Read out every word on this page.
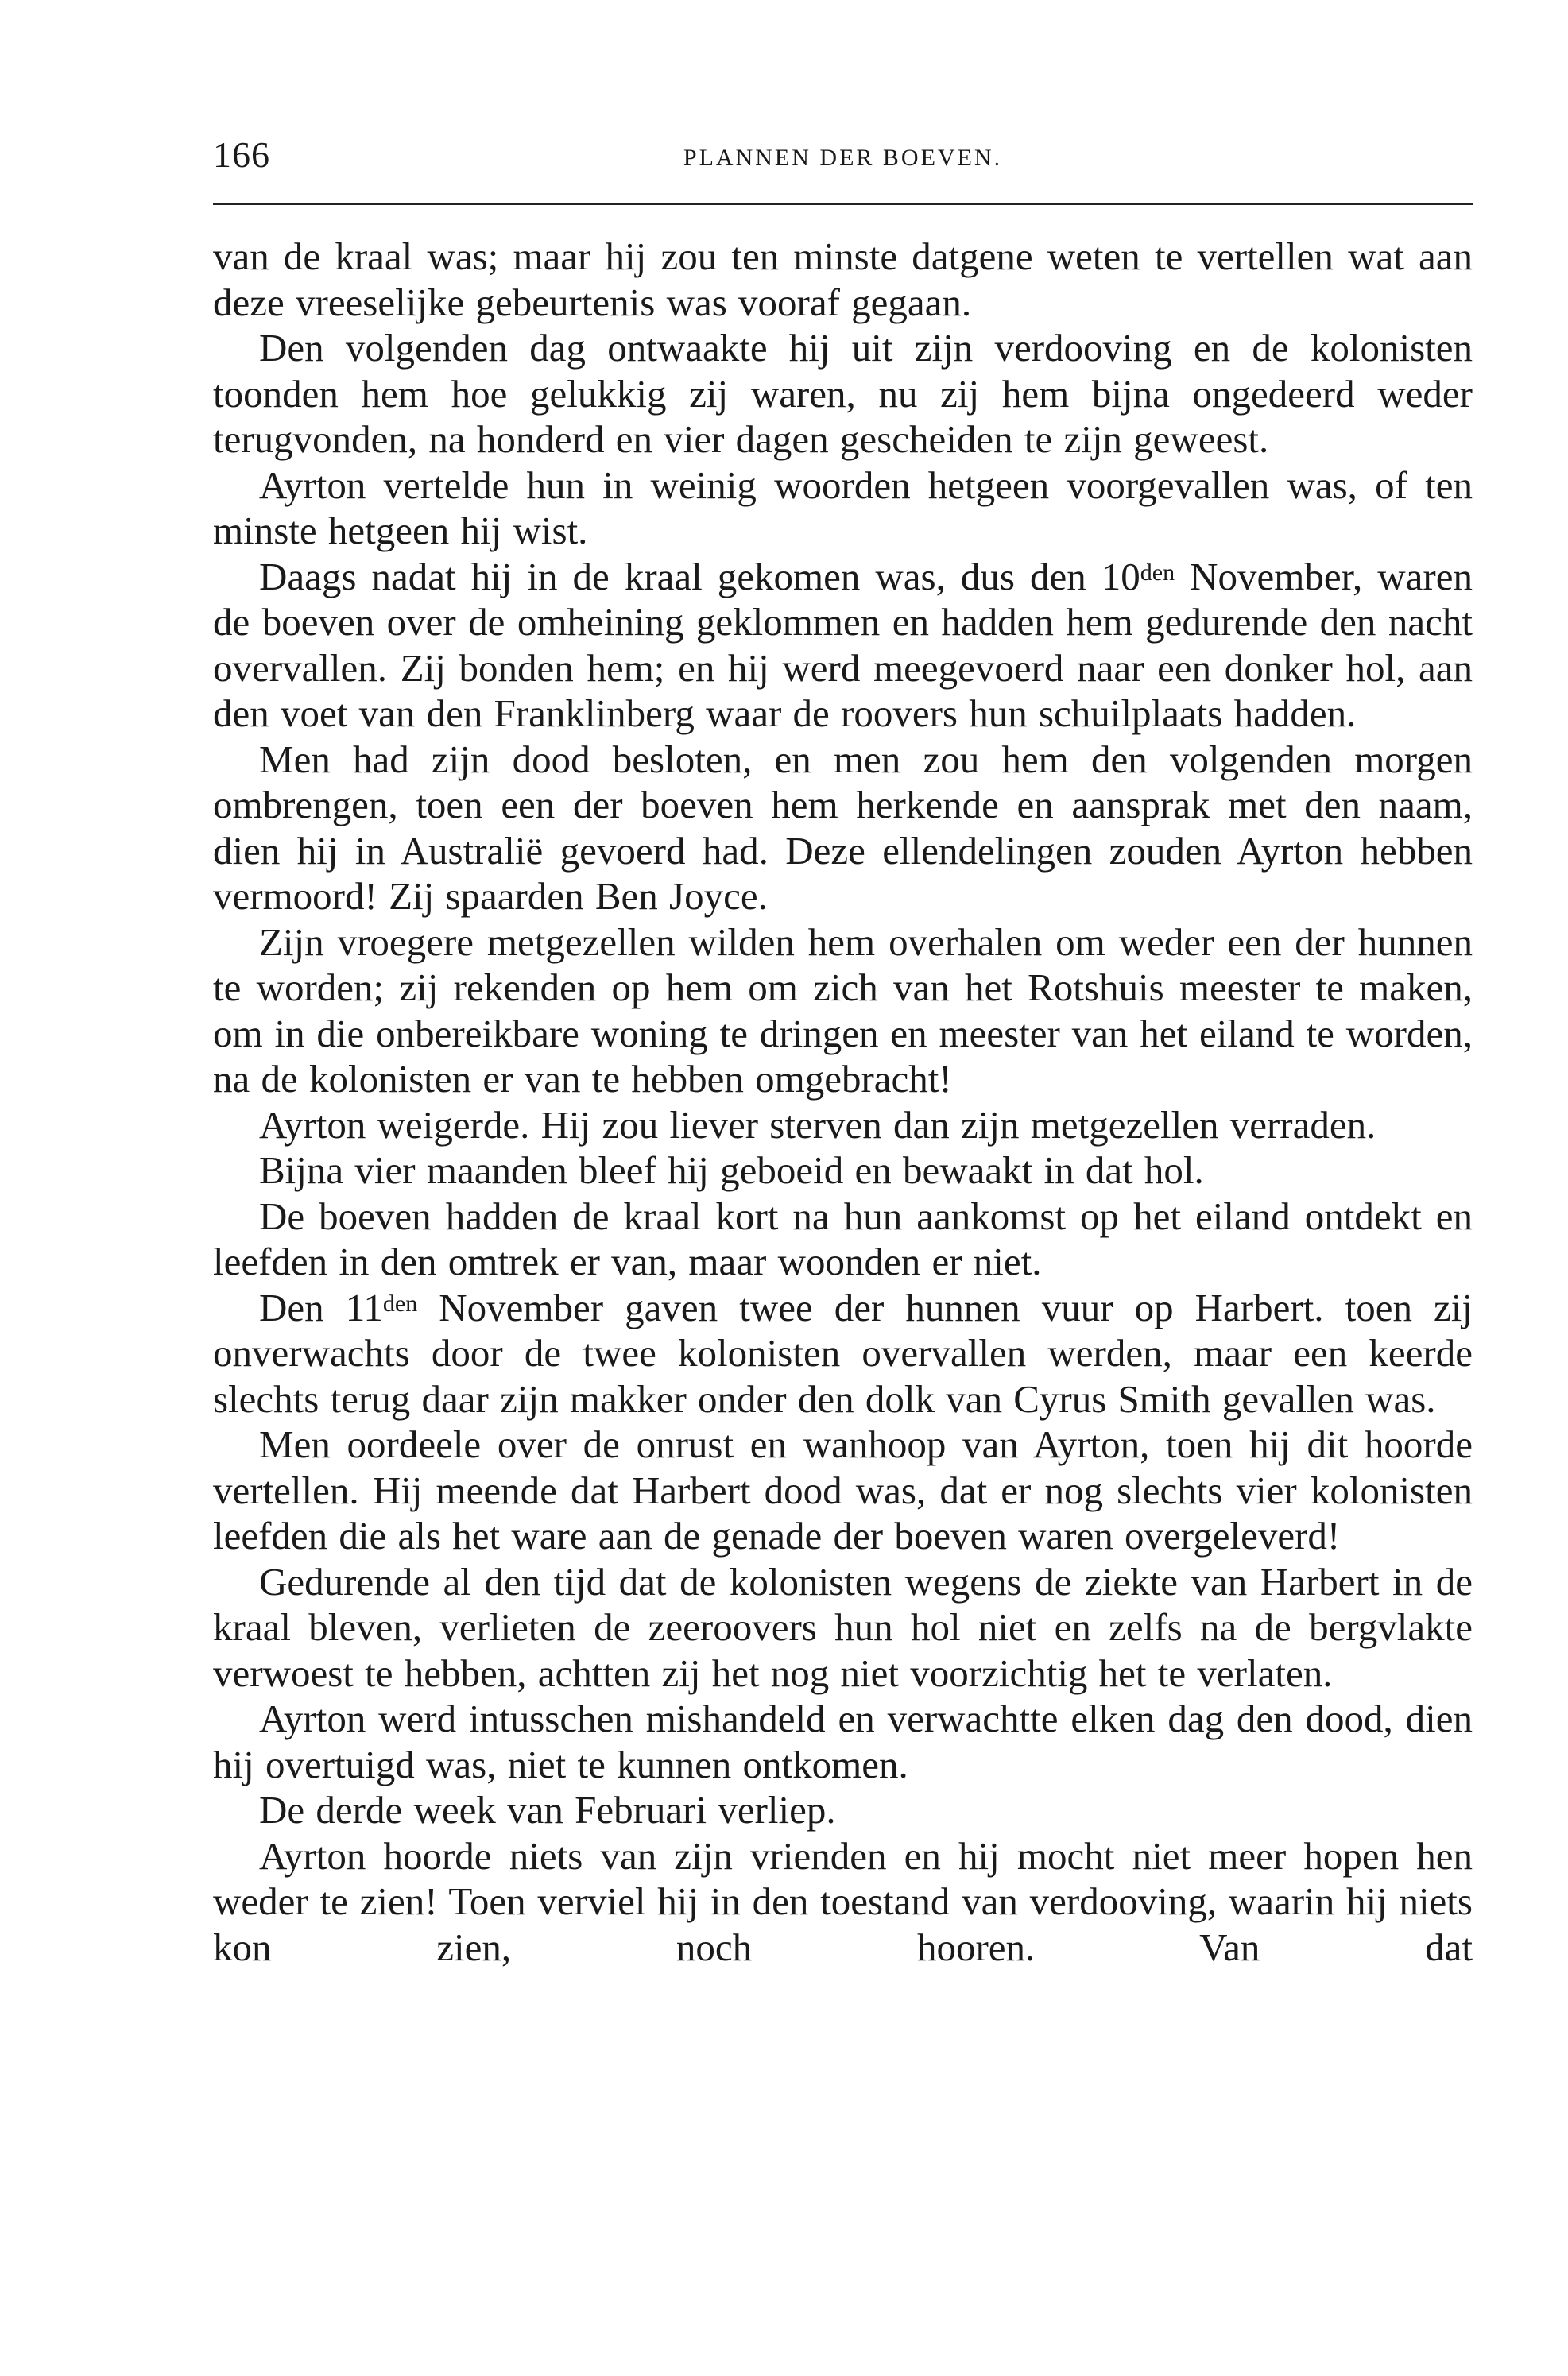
166	PLANNEN DER BOEVEN.

van de kraal was; maar hij zou ten minste datgene weten te vertellen wat aan deze vreeselijke gebeurtenis was vooraf gegaan.

Den volgenden dag ontwaakte hij uit zijn verdooving en de kolonisten toonden hem hoe gelukkig zij waren, nu zij hem bijna ongedeerd weder terugvonden, na honderd en vier dagen gescheiden te zijn geweest.

Ayrton vertelde hun in weinig woorden hetgeen voorgevallen was, of ten minste hetgeen hij wist.

Daags nadat hij in de kraal gekomen was, dus den $10^{den}$ November, waren de boeven over de omheining geklommen en hadden hem gedurende den nacht overvallen. Zij bonden hem; en hij werd meegevoerd naar een donker hol, aan den voet van den Franklinberg waar de roovers hun schuilplaats hadden.

Men had zijn dood besloten, en men zou hem den volgenden morgen ombrengen, toen een der boeven hem herkende en aansprak met den naam, dien hij in Australië gevoerd had. Deze ellendelingen zouden Ayrton hebben vermoord! Zij spaarden Ben Joyce.

Zijn vroegere metgezellen wilden hem overhalen om weder een der hunnen te worden; zij rekenden op hem om zich van het Rotshuis meester te maken, om in die onbereikbare woning te dringen en meester van het eiland te worden, na de kolonisten er van te hebben omgebracht!

Ayrton weigerde. Hij zou liever sterven dan zijn metgezellen verraden.

Bijna vier maanden bleef hij geboeid en bewaakt in dat hol.

De boeven hadden de kraal kort na hun aankomst op het eiland ontdekt en leefden in den omtrek er van, maar woonden er niet.

Den $11^{den}$ November gaven twee der hunnen vuur op Harbert. toen zij onverwachts door de twee kolonisten overvallen werden, maar een keerde slechts terug daar zijn makker onder den dolk van Cyrus Smith gevallen was.

Men oordeele over de onrust en wanhoop van Ayrton, toen hij dit hoorde vertellen. Hij meende dat Harbert dood was, dat er nog slechts vier kolonisten leefden die als het ware aan de genade der boeven waren overgeleverd!

Gedurende al den tijd dat de kolonisten wegens de ziekte van Harbert in de kraal bleven, verlieten de zeeroovers hun hol niet en zelfs na de bergvlakte verwoest te hebben, achtten zij het nog niet voorzichtig het te verlaten.

Ayrton werd intusschen mishandeld en verwachtte elken dag den dood, dien hij overtuigd was, niet te kunnen ontkomen.

De derde week van Februari verliep.

Ayrton hoorde niets van zijn vrienden en hij mocht niet meer hopen hen weder te zien! Toen verviel hij in den toestand van verdooving, waarin hij niets kon zien, noch hooren. Van dat
